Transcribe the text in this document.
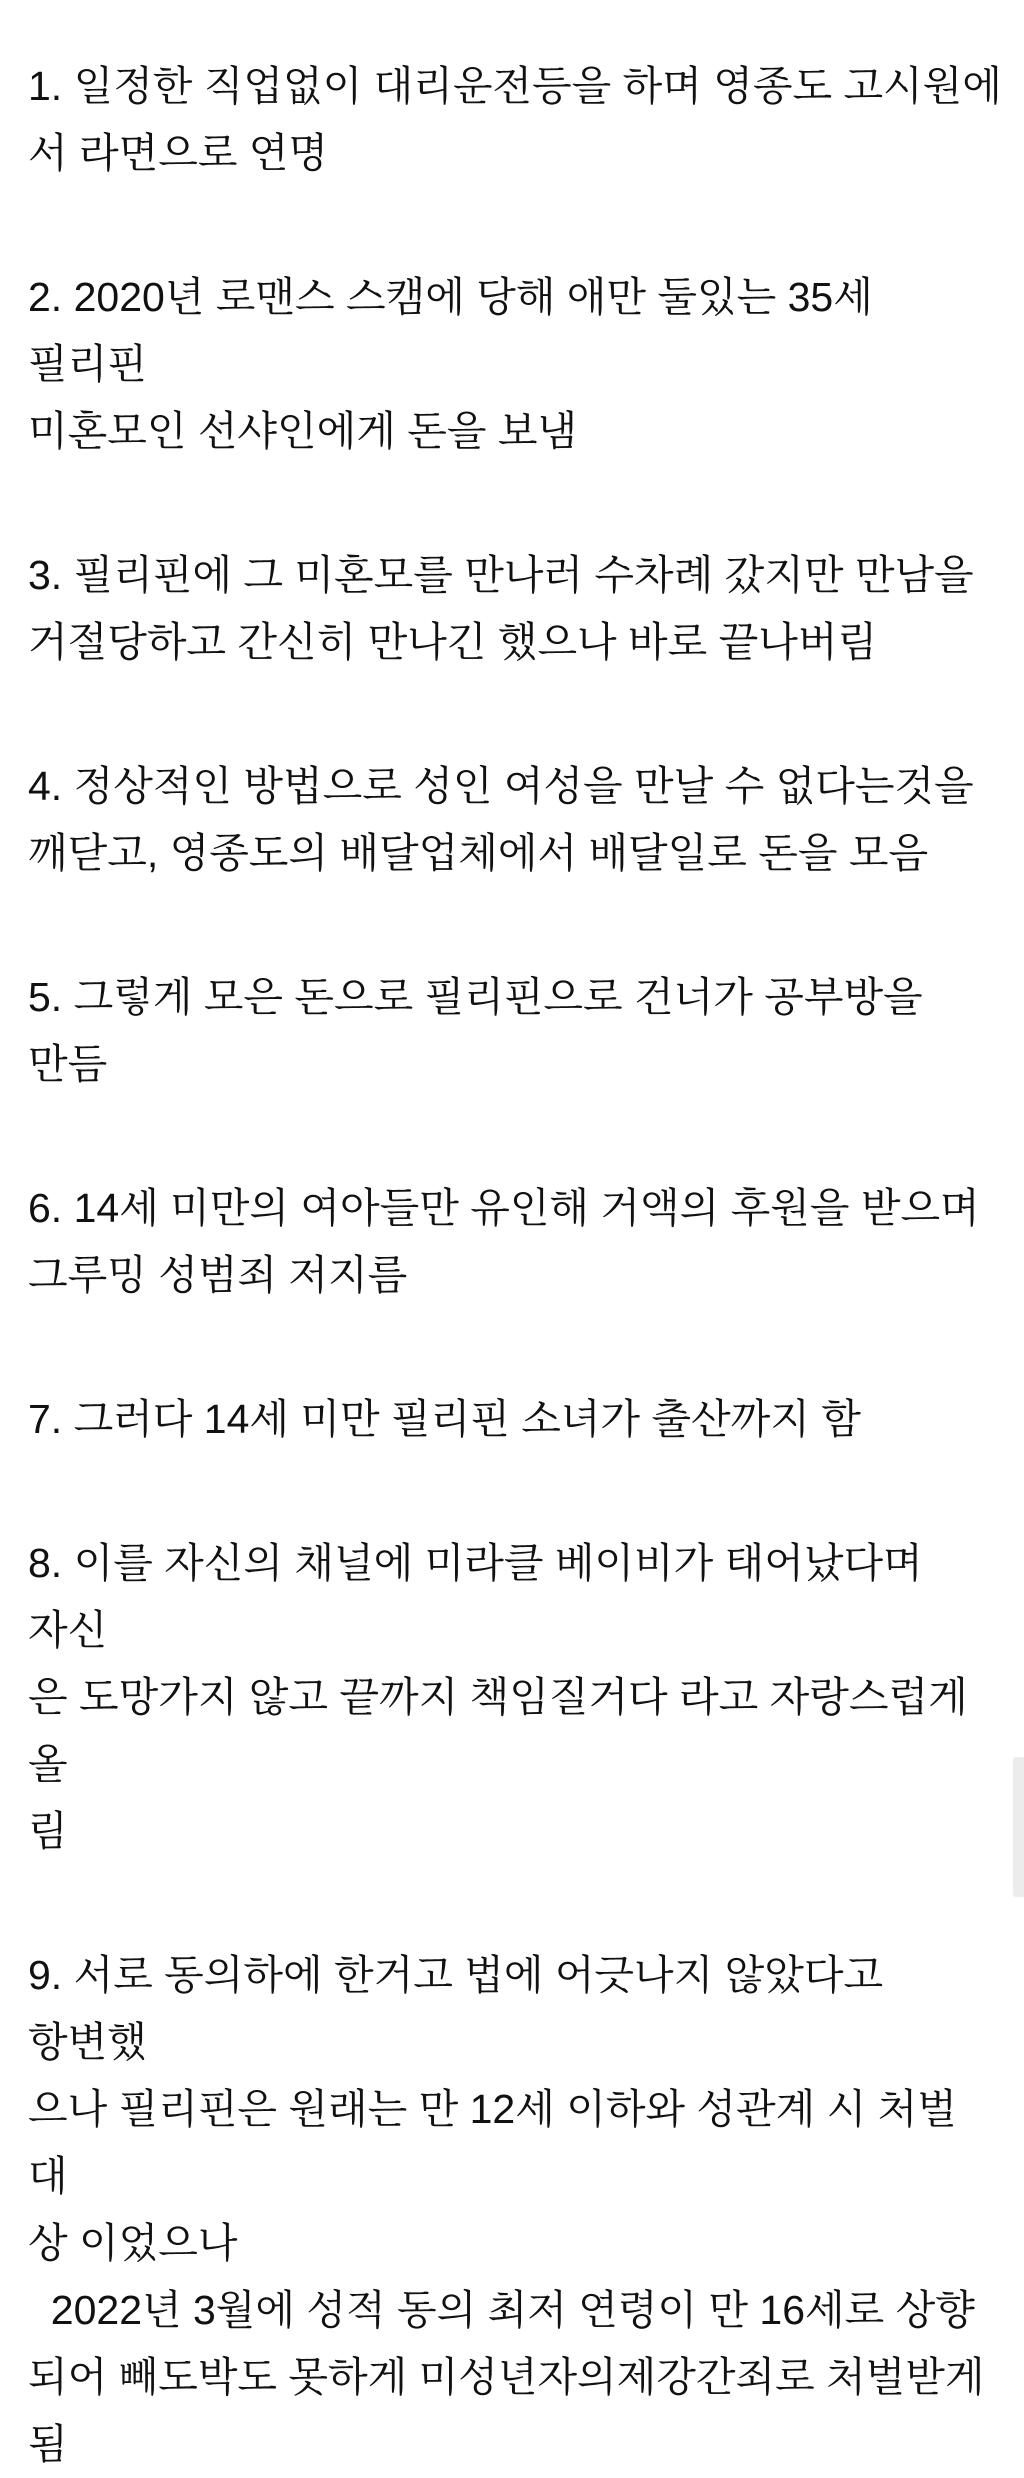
1. 일정한 직업없이 대리운전등을 하며 영종도 고시원에
서 라면으로 연명
2. 2020년 로맨스 스캠에 당해 애만 둘있는 35세 필리핀
미혼모인 선샤인에게 돈을 보냄
3. 필리핀에 그 미혼모를 만나러 수차례 갔지만 만남을
거절당하고 간신히 만나긴 했으나 바로 끝나버림
4. 정상적인 방법으로 성인 여성을 만날 수 없다는것을
깨닫고, 영종도의 배달업체에서 배달일로 돈을 모음
5. 그렇게 모은 돈으로 필리핀으로 건너가 공부방을 만듬
6. 14세 미만의 여아들만 유인해 거액의 후원을 받으며
그루밍 성범죄 저지름
7. 그러다 14세 미만 필리핀 소녀가 출산까지 함
8. 이를 자신의 채널에 미라클 베이비가 태어났다며 자신
은 도망가지 않고 끝까지 책임질거다 라고 자랑스럽게 올
림
9. 서로 동의하에 한거고 법에 어긋나지 않았다고 항변했
으나 필리핀은 원래는 만 12세 이하와 성관계 시 처벌 대
상 이었으나
2022년 3월에 성적 동의 최저 연령이 만 16세로 상향
되어 빼도박도 못하게 미성년자의제강간죄로 처벌받게
됨
